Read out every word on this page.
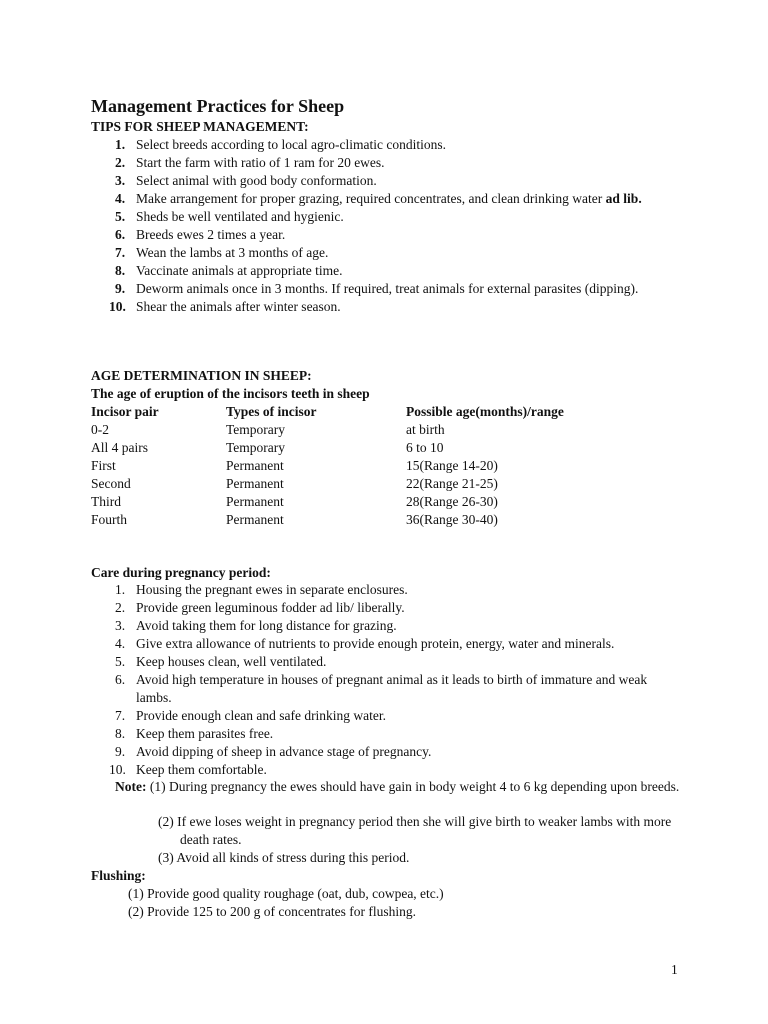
Management Practices for Sheep

TIPS FOR SHEEP MANAGEMENT:

1. Select breeds according to local agro-climatic conditions.
2. Start the farm with ratio of 1 ram for 20 ewes.
3. Select animal with good body conformation.
4. Make arrangement for proper grazing, required concentrates, and clean drinking water ad lib.
5. Sheds be well ventilated and hygienic.
6. Breeds ewes 2 times a year.
7. Wean the lambs at 3 months of age.
8. Vaccinate animals at appropriate time.
9. Deworm animals once in 3 months. If required, treat animals for external parasites (dipping).
10. Shear the animals after winter season.

AGE DETERMINATION IN SHEEP:

The age of eruption of the incisors teeth in sheep

Incisor pair	Types of incisor	Possible age(months)/range
0-2	Temporary	at birth
All 4 pairs	Temporary	6 to 10
First	Permanent	15(Range 14-20)
Second	Permanent	22(Range 21-25)
Third	Permanent	28(Range 26-30)
Fourth	Permanent	36(Range 30-40)

Care during pregnancy period:

1. Housing the pregnant ewes in separate enclosures.
2. Provide green leguminous fodder ad lib/ liberally.
3. Avoid taking them for long distance for grazing.
4. Give extra allowance of nutrients to provide enough protein, energy, water and minerals.
5. Keep houses clean, well ventilated.
6. Avoid high temperature in houses of pregnant animal as it leads to birth of immature and weak lambs.
7. Provide enough clean and safe drinking water.
8. Keep them parasites free.
9. Avoid dipping of sheep in advance stage of pregnancy.
10. Keep them comfortable.
Note: (1) During pregnancy the ewes should have gain in body weight 4 to 6 kg depending upon breeds.
(2) If ewe loses weight in pregnancy period then she will give birth to weaker lambs with more death rates.
(3) Avoid all kinds of stress during this period.

Flushing:

(1) Provide good quality roughage (oat, dub, cowpea, etc.)
(2) Provide 125 to 200 g of concentrates for flushing.
1
